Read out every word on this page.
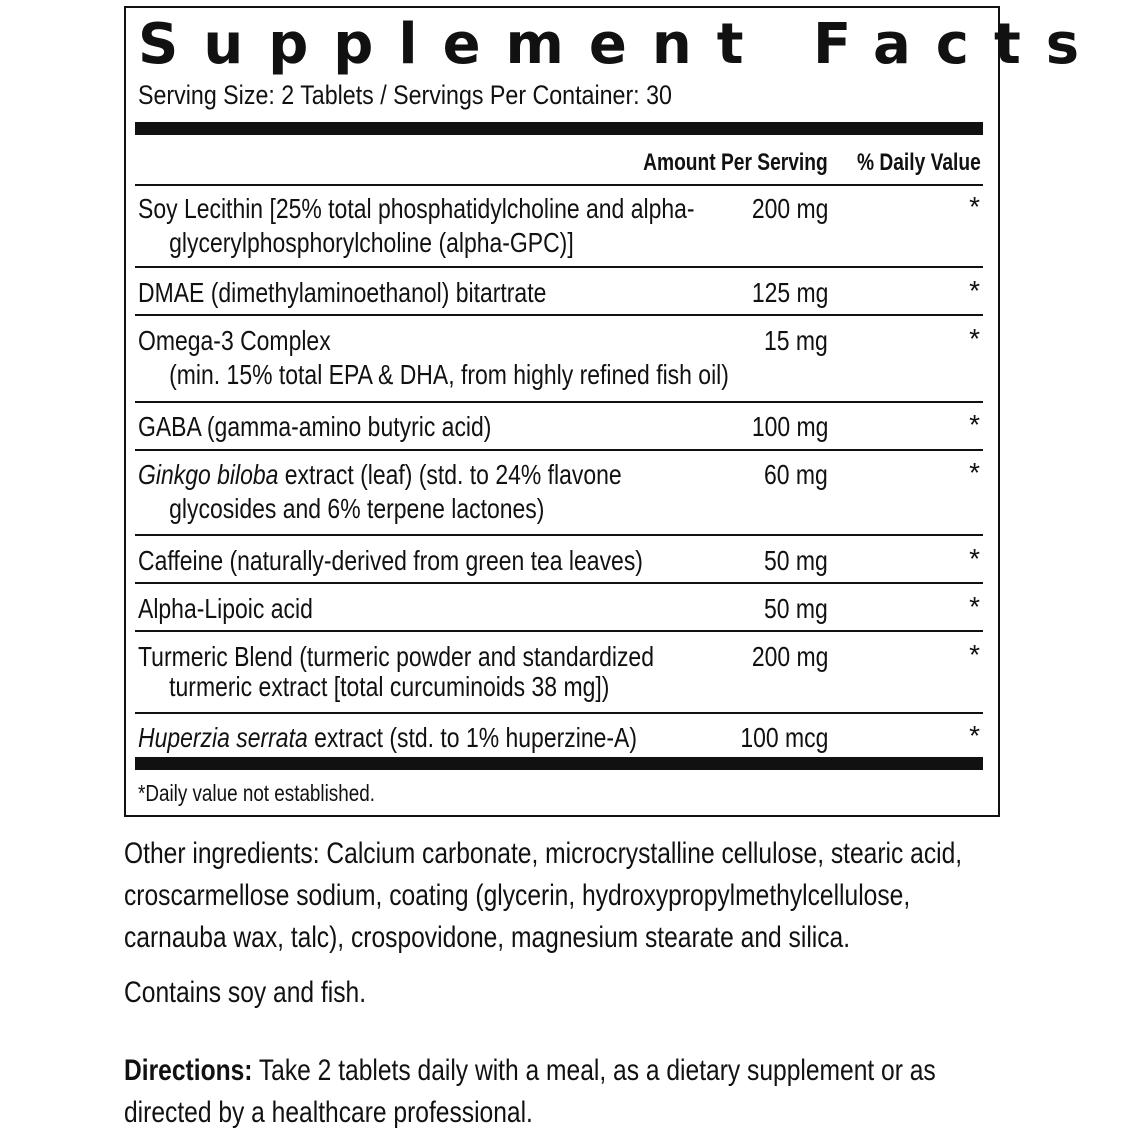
Supplement Facts
Serving Size: 2 Tablets / Servings Per Container: 30
Amount Per Serving % Daily Value
Soy Lecithin [25% total phosphatidylcholine and alpha-
glycerylphosphorylcholine (alpha-GPC)]
200 mg	*
DMAE (dimethylaminoethanol) bitartrate	125 mg	*
Omega-3 Complex
(min. 15% total EPA & DHA, from highly refined fish oil)
15 mg	*
GABA (gamma-amino butyric acid)	100 mg	*
Ginkgo biloba extract (leaf) (std. to 24% flavone
glycosides and 6% terpene lactones)
60 mg	*
Caffeine (naturally-derived from green tea leaves)	50 mg	*
Alpha-Lipoic acid	50 mg	*
Turmeric Blend (turmeric powder and standardized
turmeric extract [total curcuminoids 38 mg])
200 mg	*
Huperzia serrata extract (std. to 1% huperzine-A)	100 mcg	*
*Daily value not established.
Other ingredients: Calcium carbonate, microcrystalline cellulose, stearic acid,
croscarmellose sodium, coating (glycerin, hydroxypropylmethylcellulose,
carnauba wax, talc), crospovidone, magnesium stearate and silica.
Contains soy and fish.
Directions: Take 2 tablets daily with a meal, as a dietary supplement or as
directed by a healthcare professional.
